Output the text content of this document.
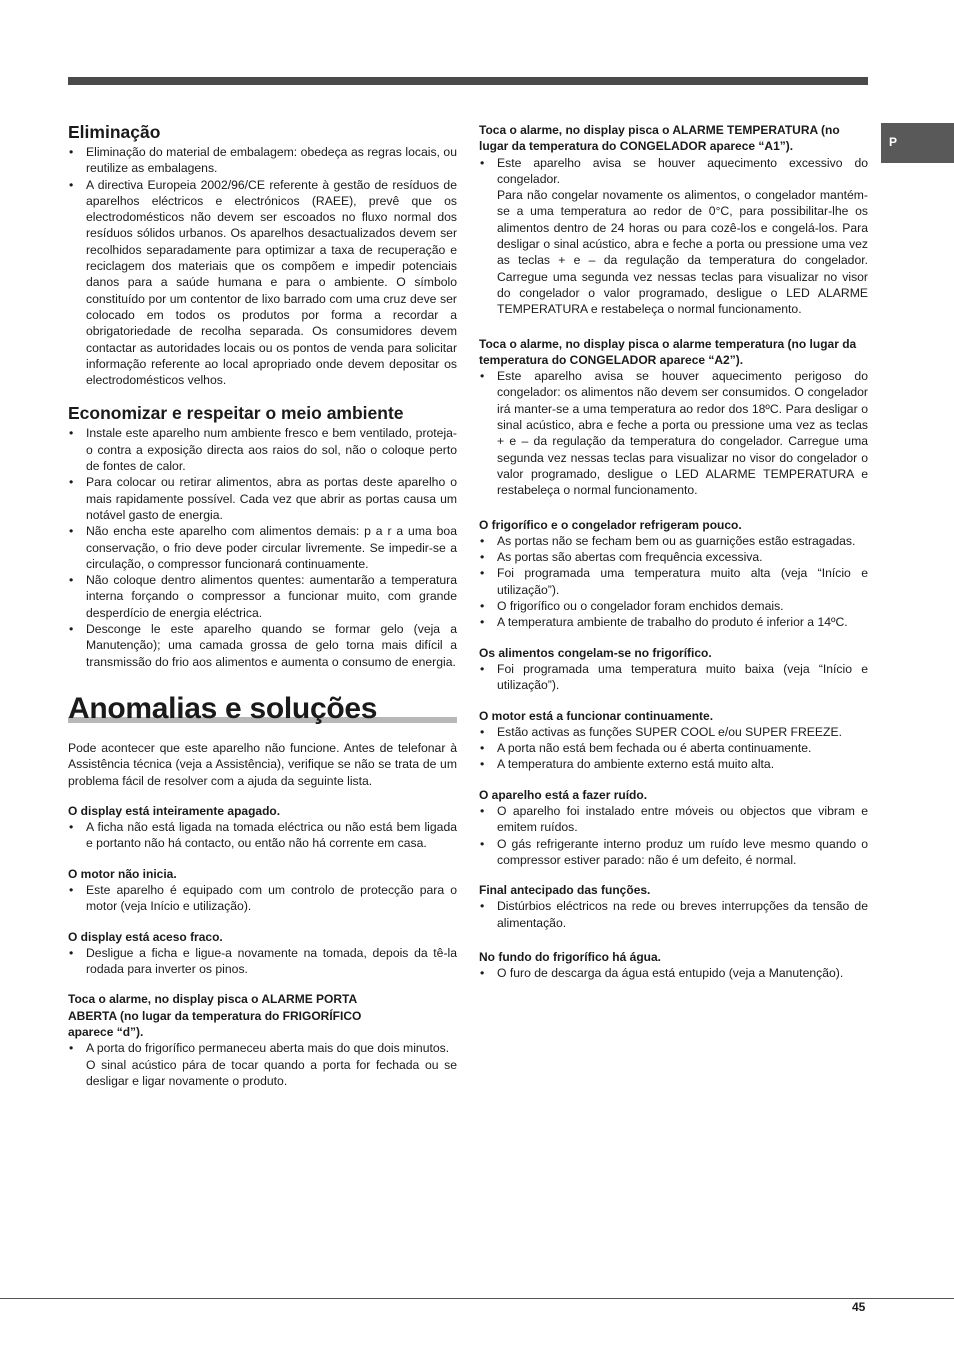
P
Eliminação
• Eliminação do material de embalagem: obedeça as regras locais, ou reutilize as embalagens.
• A directiva Europeia 2002/96/CE referente à gestão de resíduos de aparelhos eléctricos e electrónicos (RAEE), prevê que os electrodomésticos não devem ser escoados no fluxo normal dos resíduos sólidos urbanos. Os aparelhos desactualizados devem ser recolhidos separadamente para optimizar a taxa de recuperação e reciclagem dos materiais que os compõem e impedir potenciais danos para a saúde humana e para o ambiente. O símbolo constituído por um contentor de lixo barrado com uma cruz deve ser colocado em todos os produtos por forma a recordar a obrigatoriedade de recolha separada. Os consumidores devem contactar as autoridades locais ou os pontos de venda para solicitar informação referente ao local apropriado onde devem depositar os electrodomésticos velhos.
Economizar e respeitar o meio ambiente
• Instale este aparelho num ambiente fresco e bem ventilado, proteja-o contra a exposição directa aos raios do sol, não o coloque perto de fontes de calor.
• Para colocar ou retirar alimentos, abra as portas deste aparelho o mais rapidamente possível. Cada vez que abrir as portas causa um notável gasto de energia.
• Não encha este aparelho com alimentos demais: p a r a uma boa conservação, o frio deve poder circular livremente. Se impedir-se a circulação, o compressor funcionará continuamente.
• Não coloque dentro alimentos quentes: aumentarão a temperatura interna forçando o compressor a funcionar muito, com grande desperdício de energia eléctrica.
• Desconge le este aparelho quando se formar gelo (veja a Manutenção); uma camada grossa de gelo torna mais difícil a transmissão do frio aos alimentos e aumenta o consumo de energia.
Anomalias e soluções

Pode acontecer que este aparelho não funcione. Antes de telefonar à Assistência técnica (veja a Assistência), verifique se não se trata de um problema fácil de resolver com a ajuda da seguinte lista.

O display está inteiramente apagado.

• A ficha não está ligada na tomada eléctrica ou não está bem ligada e portanto não há contacto, ou então não há corrente em casa.

O motor não inicia.

• Este aparelho é equipado com um controlo de protecção para o motor (veja Início e utilização).

O display está aceso fraco.

• Desligue a ficha e ligue-a novamente na tomada, depois da tê-la rodada para inverter os pinos.

Toca o alarme, no display pisca o ALARME PORTA ABERTA (no lugar da temperatura do FRIGORÍFICO aparece “d”).

• A porta do frigorífico permaneceu aberta mais do que dois minutos.

O sinal acústico pára de tocar quando a porta for fechada ou se desligar e ligar novamente o produto.

Toca o alarme, no display pisca o ALARME TEMPERATURA (no lugar da temperatura do CONGELADOR aparece “A1”).

• Este aparelho avisa se houver aquecimento excessivo do congelador.

Para não congelar novamente os alimentos, o congelador mantém-se a uma temperatura ao redor de 0°C, para possibilitar-lhe os alimentos dentro de 24 horas ou para cozê-los e congelá-los. Para desligar o sinal acústico, abra e feche a porta ou pressione uma vez as teclas + e – da regulação da temperatura do congelador. Carregue uma segunda vez nessas teclas para visualizar no visor do congelador o valor programado, desligue o LED ALARME TEMPERATURA e restabeleça o normal funcionamento.

Toca o alarme, no display pisca o alarme temperatura (no lugar da temperatura do CONGELADOR aparece “A2”).

• Este aparelho avisa se houver aquecimento perigoso do congelador: os alimentos não devem ser consumidos. O congelador irá manter-se a uma temperatura ao redor dos 18ºC. Para desligar o sinal acústico, abra e feche a porta ou pressione uma vez as teclas + e – da regulação da temperatura do congelador. Carregue uma segunda vez nessas teclas para visualizar no visor do congelador o valor programado, desligue o LED ALARME TEMPERATURA e restabeleça o normal funcionamento.

O frigorífico e o congelador refrigeram pouco.

• As portas não se fecham bem ou as guarnições estão estragadas.
• As portas são abertas com frequência excessiva.
• Foi programada uma temperatura muito alta (veja “Início e utilização”).
• O frigorífico ou o congelador foram enchidos demais.
• A temperatura ambiente de trabalho do produto é inferior a 14ºC.

Os alimentos congelam-se no frigorífico.

• Foi programada uma temperatura muito baixa (veja “Início e utilização”).

O motor está a funcionar continuamente.

• Estão activas as funções SUPER COOL e/ou SUPER FREEZE.
• A porta não está bem fechada ou é aberta continuamente.
• A temperatura do ambiente externo está muito alta.

O aparelho está a fazer ruído.

• O aparelho foi instalado entre móveis ou objectos que vibram e emitem ruídos.
• O gás refrigerante interno produz um ruído leve mesmo quando o compressor estiver parado: não é um defeito, é normal.

Final antecipado das funções.

• Distúrbios eléctricos na rede ou breves interrupções da tensão de alimentação.

No fundo do frigorífico há água.

• O furo de descarga da água está entupido (veja a Manutenção).
45
